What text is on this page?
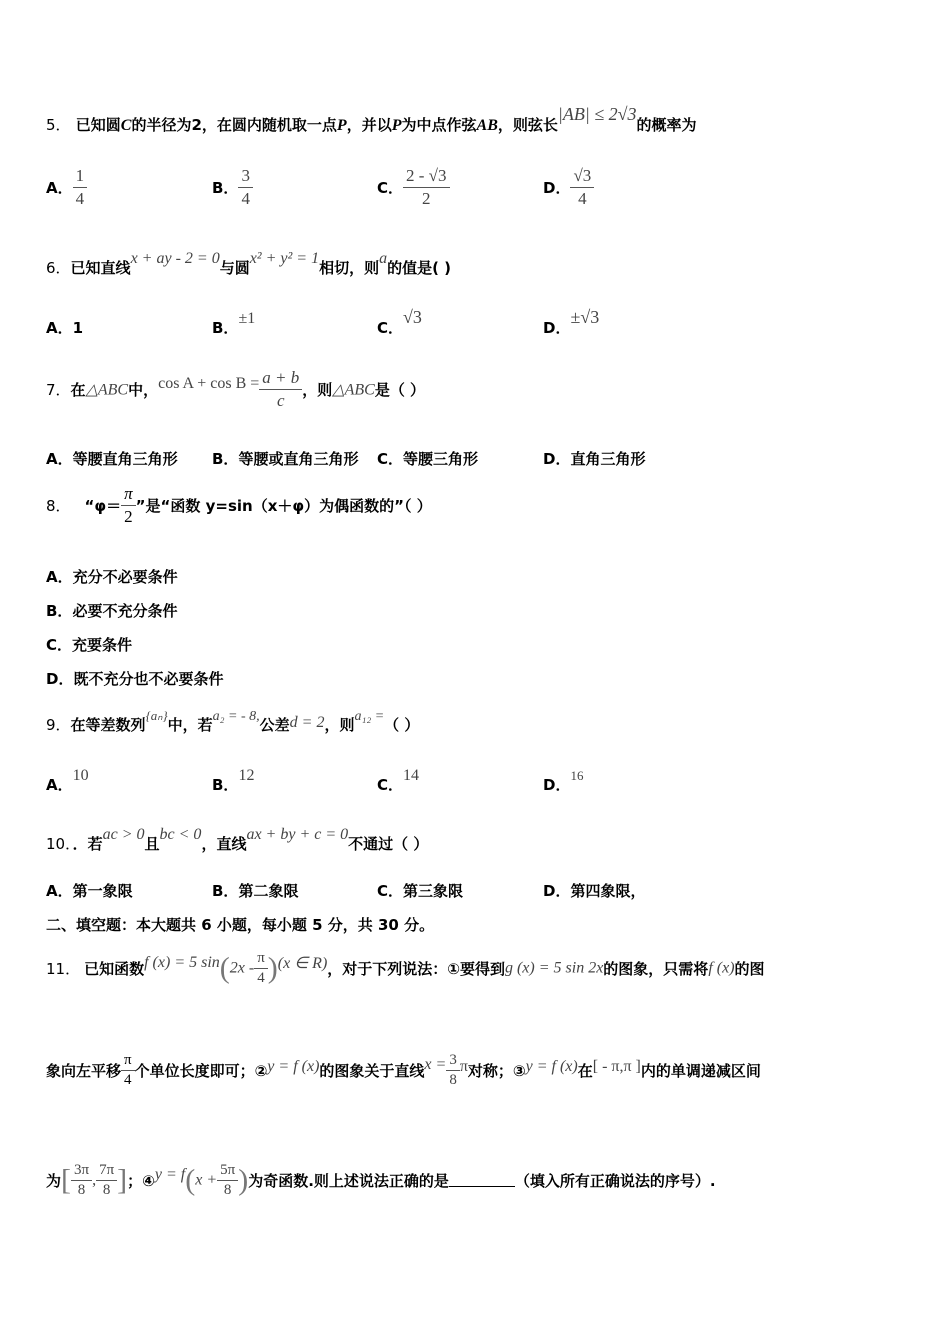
5． 已知圆C的半径为2，在圆内随机取一点P，并以P为中点作弦AB，则弦长|AB| ≤ 2√3的概率为
A． $\frac{1}{4}$	B． $\frac{3}{4}$	C． $\frac{2 - √3}{2}$	D． $\frac{√3}{4}$
6．已知直线x + ay - 2 = 0与圆x² + y² = 1相切，则a的值是( )
A．1	B．±1
C．√3
D．±√3
7．在△ABC中，$\cos A + \cos B = \frac{a + b}{c}$ ，则△ABC是（ ）
A．等腰直角三角形 B．等腰或直角三角形 C．等腰三角形	D．直角三角形
8． “$\varphi= \frac{\pi}{2}$ ”是“函数 y=sin（x＋φ）为偶函数的”（ ）
A．充分不必要条件
B．必要不充分条件
C．充要条件
D．既不充分也不必要条件
9．在等差数列{aₙ}中，若a₂ = - 8,公差d = 2，则a₁₂ =（ ）
A．10
B．12
C．14
D．16
10．．若ac > 0且bc < 0，直线ax + by + c = 0不通过（ ）
A．第一象限	B．第二象限	C．第三象限	D．第四象限，
二、填空题：本大题共 6 小题，每小题 5 分，共 30 分。
11． 已知函数f (x) = 5 $\sin(2x - \frac{\pi}{4} )(x$ ∈ R)，对于下列说法：①要得到g (x) = 5 sin 2x的图象，只需将f (x)的图
象向左平移 $\frac{\pi}{4}$ 个单位长度即可；②y = f (x)的图象关于直线$x = \frac{3}{8}$ π对称；③y = f (x)在[ - π,π ]内的单调递减区间
为[ $\frac{3\pi}{8}$ , $\frac{7\pi}{8}$ ]；④y = $f(x + \frac{5\pi}{8}$ )为奇函数.则上述说法正确的是	（填入所有正确说法的序号）.
